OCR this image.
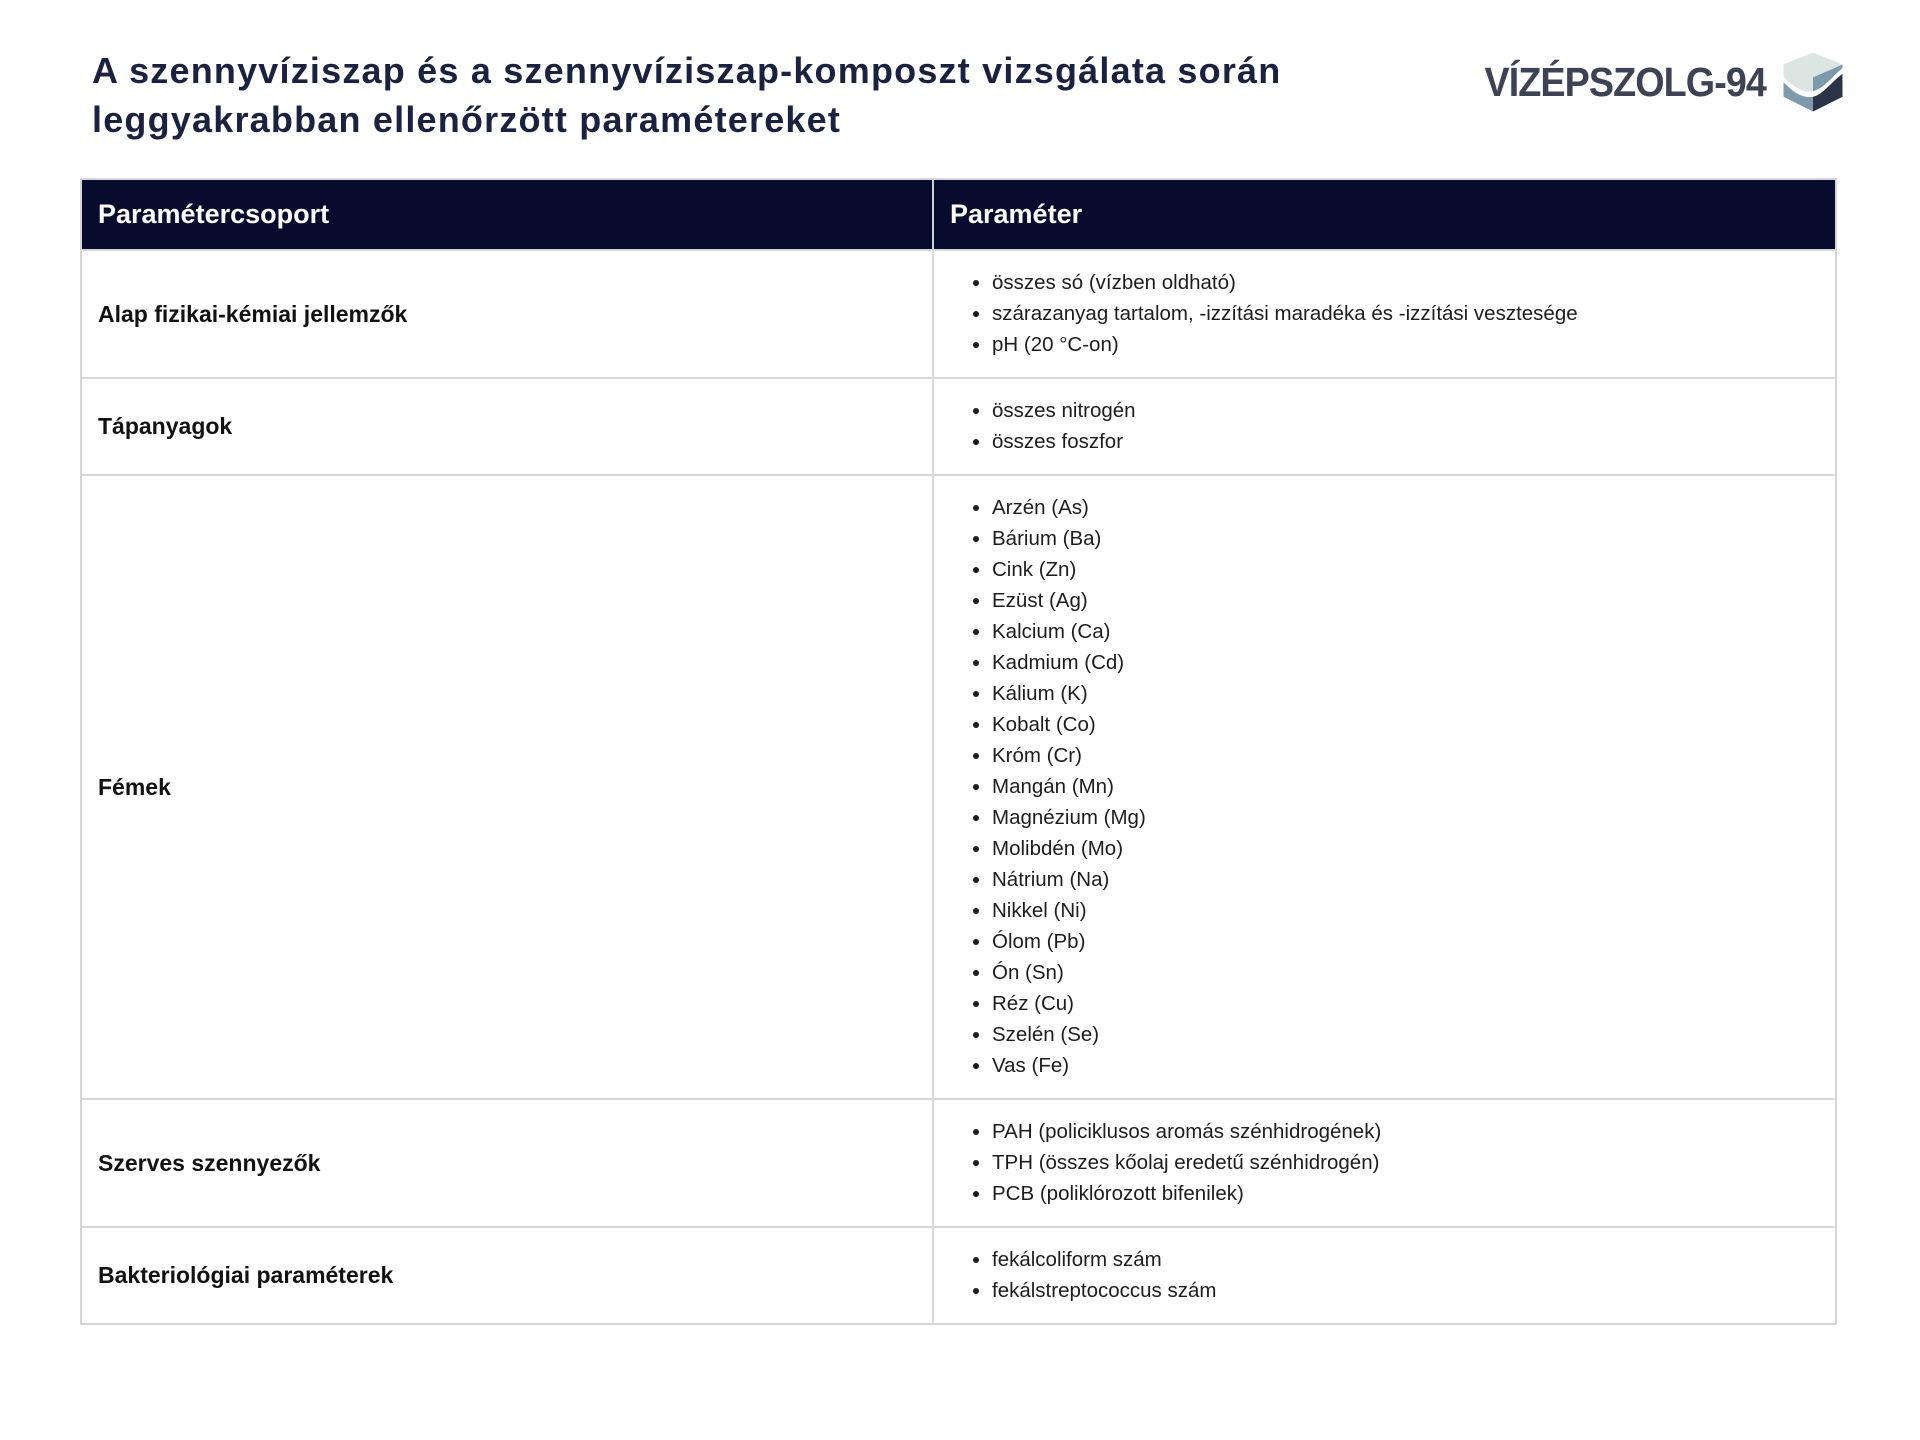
A szennyvíziszap és a szennyvíziszap-komposzt vizsgálata során
leggyakrabban ellenőrzött paramétereket
VÍZÉPSZOLG-94
Paramétercsoport	Paraméter
Alap fizikai-kémiai jellemzők
• összes só (vízben oldható)
• szárazanyag tartalom, -izzítási maradéka és -izzítási vesztesége
• pH (20 °C-on)
Tápanyagok
• összes nitrogén
• összes foszfor
Fémek
• Arzén (As)
• Bárium (Ba)
• Cink (Zn)
• Ezüst (Ag)
• Kalcium (Ca)
• Kadmium (Cd)
• Kálium (K)
• Kobalt (Co)
• Króm (Cr)
• Mangán (Mn)
• Magnézium (Mg)
• Molibdén (Mo)
• Nátrium (Na)
• Nikkel (Ni)
• Ólom (Pb)
• Ón (Sn)
• Réz (Cu)
• Szelén (Se)
• Vas (Fe)
Szerves szennyezők
• PAH (policiklusos aromás szénhidrogének)
• TPH (összes kőolaj eredetű szénhidrogén)
• PCB (poliklórozott bifenilek)
Bakteriológiai paraméterek
• fekálcoliform szám
• fekálstreptococcus szám
